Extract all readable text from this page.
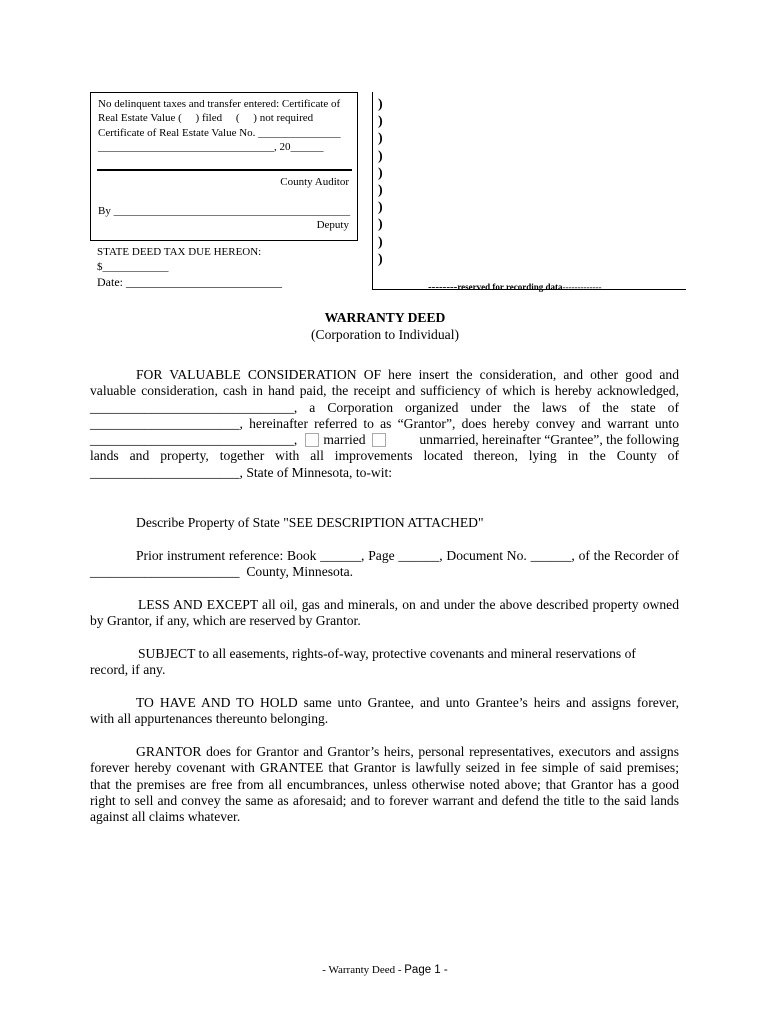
No delinquent taxes and transfer entered: Certificate of
Real Estate Value (     ) filed     (     ) not required
Certificate of Real Estate Value No. _______________
________________________________, 20______
County Auditor
By ___________________________________________
Deputy
STATE DEED TAX DUE HEREON:
$____________
Date: __________________________
)
)
)
)
)
)
)
)
)
)
--------reserved for recording data-------------
WARRANTY DEED
(Corporation to Individual)
FOR VALUABLE CONSIDERATION OF here insert the consideration, and other good and
valuable consideration, cash in hand paid, the receipt and sufficiency of which is hereby acknowledged,
______________________________, a Corporation organized under the laws of the state of
______________________, hereinafter referred to as “Grantor”, does hereby convey and warrant unto
______________________________, married	unmarried, hereinafter “Grantee”, the following
lands and property, together with all improvements located thereon, lying in the County of
______________________, State of Minnesota, to-wit:
Describe Property of State "SEE DESCRIPTION ATTACHED"
Prior instrument reference: Book ______, Page ______, Document No. ______, of the Recorder of
______________________  County, Minnesota.
LESS AND EXCEPT all oil, gas and minerals, on and under the above described property owned
by Grantor, if any, which are reserved by Grantor.
SUBJECT to all easements, rights-of-way, protective covenants and mineral reservations of
record, if any.
TO HAVE AND TO HOLD same unto Grantee, and unto Grantee’s heirs and assigns forever,
with all appurtenances thereunto belonging.
GRANTOR does for Grantor and Grantor’s heirs, personal representatives, executors and assigns
forever hereby covenant with GRANTEE that Grantor is lawfully seized in fee simple of said premises;
that the premises are free from all encumbrances, unless otherwise noted above; that Grantor has a good
right to sell and convey the same as aforesaid; and to forever warrant and defend the title to the said lands
against all claims whatever.
- Warranty Deed - Page 1 -
